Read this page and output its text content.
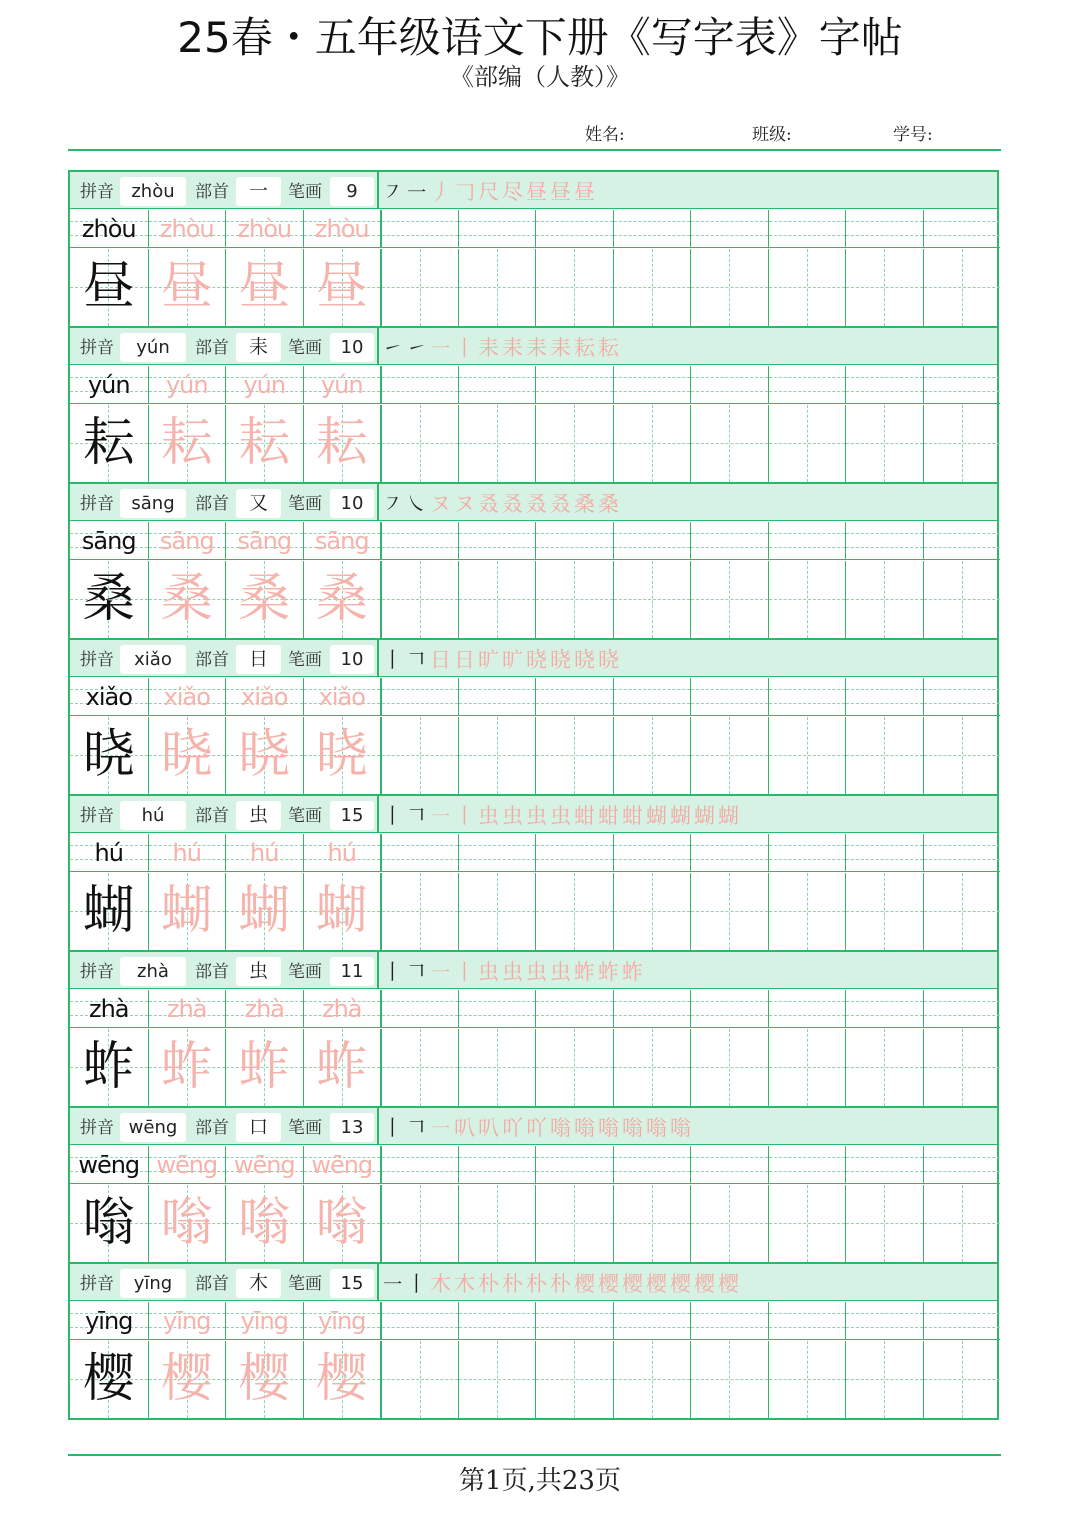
25春・五年级语文下册《写字表》字帖
《部编（人教）》
姓名:	班级:	学号:
拼音 zhòu	部首	一	笔画	9	㇇㇐丿𠃌尺尽昼昼昼
zhòu
昼
zhòu
昼
zhòu
昼
zhòu
昼
拼音	yún	部首	耒	笔画	10 ㇀㇀㇐丨耒耒耒耒耘耘
yún
耘
yún
耘
yún
耘
yún
耘
拼音 sāng	部首	又	笔画	10 ㇇㇏ヌヌ叒叒叒叒桑桑
sāng
桑
sāng
桑
sāng
桑
sāng
桑
拼音	xiǎo	部首	日	笔画	10 丨𠃍日日旷旷晓晓晓晓
xiǎo
晓
xiǎo
晓
xiǎo
晓
xiǎo
晓
拼音	hú	部首	虫	笔画	15 丨𠃍㇐丨虫虫虫虫蚶蚶蚶蝴蝴蝴蝴
hú
蝴
hú
蝴
hú
蝴
hú
蝴
拼音	zhà	部首	虫	笔画	11 丨𠃍㇐丨虫虫虫虫蚱蚱蚱
zhà
蚱
zhà
蚱
zhà
蚱
zhà
蚱
拼音 wēng	部首	口	笔画	13 丨𠃍㇐叭叭吖吖嗡嗡嗡嗡嗡嗡
wēng
嗡
wēng
嗡
wēng
嗡
wēng
嗡
拼音	yīng	部首	木	笔画	15 ㇐丨木木朴朴朴朴樱樱樱樱樱樱樱
yīng
樱
yīng
樱
yīng
樱
yīng
樱
第1页,共23页
